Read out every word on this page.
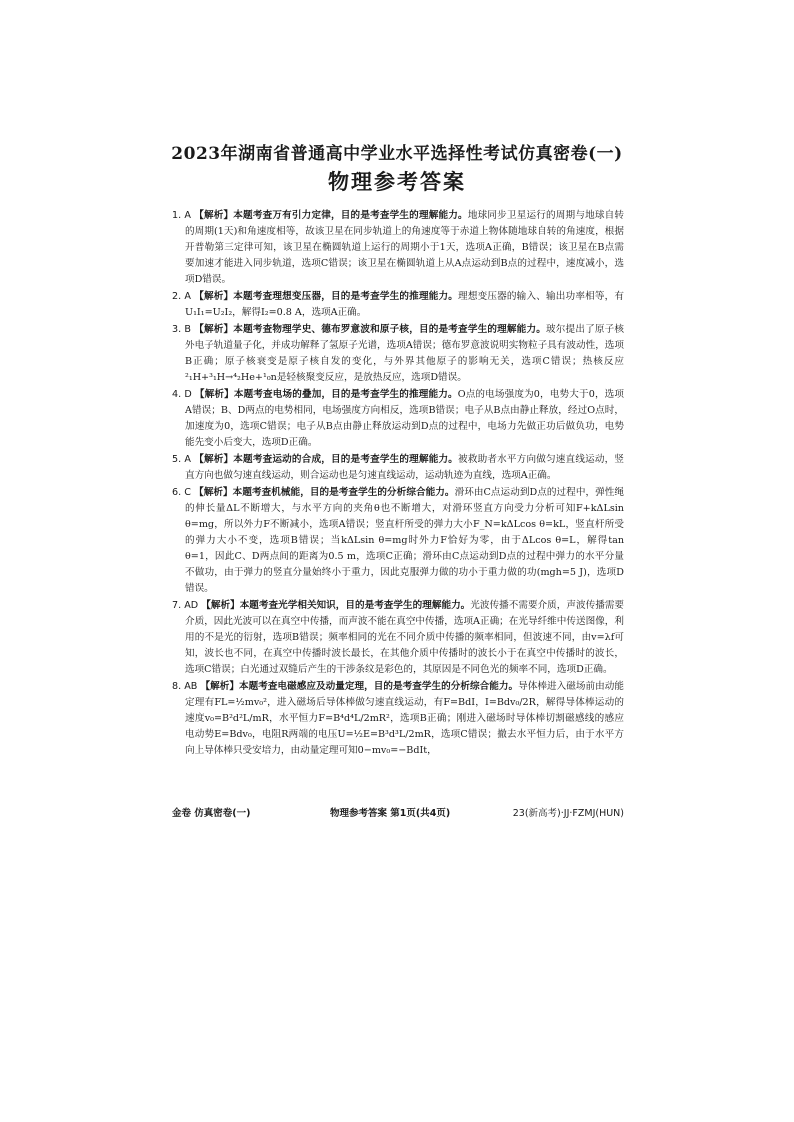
2023年湖南省普通高中学业水平选择性考试仿真密卷(一)
物理参考答案

1. A 【解析】本题考查万有引力定律，目的是考查学生的理解能力。地球同步卫星运行的周期与地球自转的周期(1天)和角速度相等，故该卫星在同步轨道上的角速度等于赤道上物体随地球自转的角速度，根据开普勒第三定律可知，该卫星在椭圆轨道上运行的周期小于1天，选项A正确，B错误；该卫星在B点需要加速才能进入同步轨道，选项C错误；该卫星在椭圆轨道上从A点运动到B点的过程中，速度减小，选项D错误。

2. A 【解析】本题考查理想变压器，目的是考查学生的推理能力。理想变压器的输入、输出功率相等，有U₁I₁=U₂I₂，解得I₂=0.8 A，选项A正确。

3. B 【解析】本题考查物理学史、德布罗意波和原子核，目的是考查学生的理解能力。玻尔提出了原子核外电子轨道量子化，并成功解释了氢原子光谱，选项A错误；德布罗意波说明实物粒子具有波动性，选项B正确；原子核衰变是原子核自发的变化，与外界其他原子的影响无关，选项C错误；热核反应²₁H+³₁H→⁴₂He+¹₀n是轻核聚变反应，是放热反应，选项D错误。

4. D 【解析】本题考查电场的叠加，目的是考查学生的推理能力。O点的电场强度为0，电势大于0，选项A错误；B、D两点的电势相同，电场强度方向相反，选项B错误；电子从B点由静止释放，经过O点时，加速度为0，选项C错误；电子从B点由静止释放运动到D点的过程中，电场力先做正功后做负功，电势能先变小后变大，选项D正确。

5. A 【解析】本题考查运动的合成，目的是考查学生的理解能力。被救助者水平方向做匀速直线运动，竖直方向也做匀速直线运动，则合运动也是匀速直线运动，运动轨迹为直线，选项A正确。

6. C 【解析】本题考查机械能，目的是考查学生的分析综合能力。滑环由C点运动到D点的过程中，弹性绳的伸长量ΔL不断增大，与水平方向的夹角θ也不断增大，对滑环竖直方向受力分析可知F+kΔLsin θ=mg，所以外力F不断减小，选项A错误；竖直杆所受的弹力大小F_N=kΔLcos θ=kL，竖直杆所受的弹力大小不变，选项B错误；当kΔLsin θ=mg时外力F恰好为零，由于ΔLcos θ=L，解得tan θ=1，因此C、D两点间的距离为0.5 m，选项C正确；滑环由C点运动到D点的过程中弹力的水平分量不做功，由于弹力的竖直分量始终小于重力，因此克服弹力做的功小于重力做的功(mgh=5 J)，选项D错误。

7. AD 【解析】本题考查光学相关知识，目的是考查学生的理解能力。光波传播不需要介质，声波传播需要介质，因此光波可以在真空中传播，而声波不能在真空中传播，选项A正确；在光导纤维中传送图像，利用的不是光的衍射，选项B错误；频率相同的光在不同介质中传播的频率相同，但波速不同，由v=λf可知，波长也不同，在真空中传播时波长最长，在其他介质中传播时的波长小于在真空中传播时的波长，选项C错误；白光通过双缝后产生的干涉条纹是彩色的，其原因是不同色光的频率不同，选项D正确。

8. AB 【解析】本题考查电磁感应及动量定理，目的是考查学生的分析综合能力。导体棒进入磁场前由动能定理有FL=½mv₀²，进入磁场后导体棒做匀速直线运动，有F=BdI，I=Bdv₀/2R，解得导体棒运动的速度v₀=B²d²L/mR，水平恒力F=B⁴d⁴L/2mR²，选项B正确；刚进入磁场时导体棒切割磁感线的感应电动势E=Bdv₀，电阻R两端的电压U=½E=B³d³L/2mR，选项C错误；撤去水平恒力后，由于水平方向上导体棒只受安培力，由动量定理可知0−mv₀=−BdIt，

金卷 仿真密卷(一)	物理参考答案 第1页(共4页)	23(新高考)·JJ·FZMJ(HUN)
